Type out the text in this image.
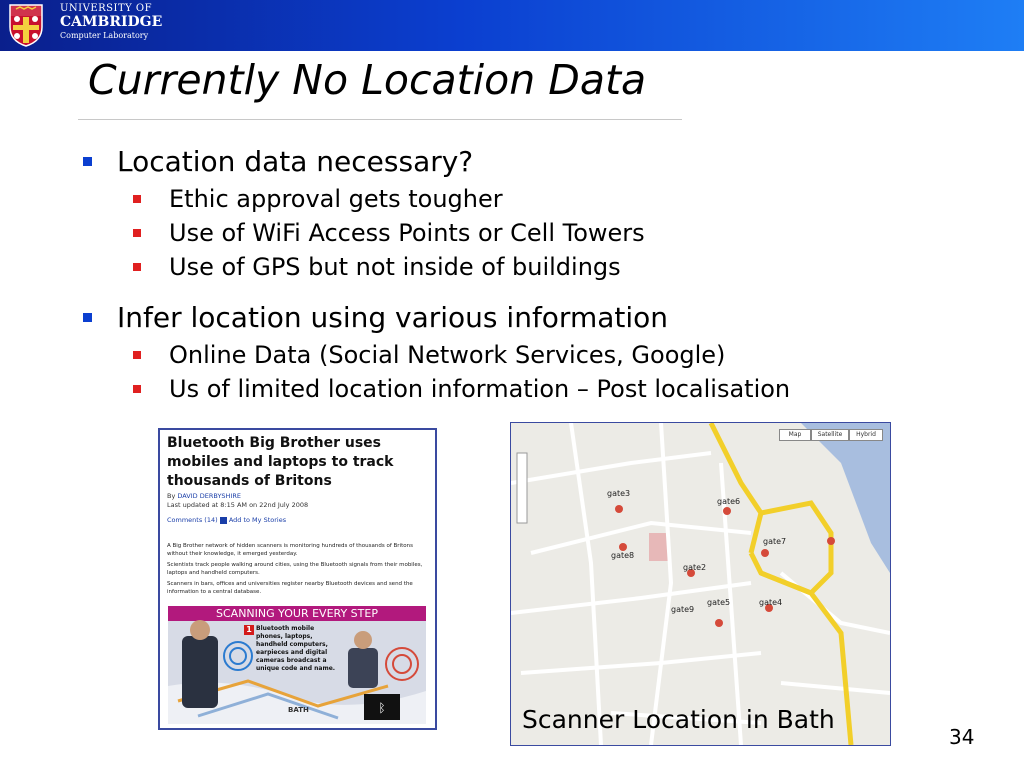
UNIVERSITY OF
CAMBRIDGE
Computer Laboratory
Currently No Location Data
Location data necessary?
Ethic approval gets tougher
Use of WiFi Access Points or Cell Towers
Use of GPS but not inside of buildings
Infer location using various information
Online Data (Social Network Services, Google)
Us of limited location information – Post localisation
Bluetooth Big Brother uses mobiles and laptops to track thousands of Britons
By DAVID DERBYSHIRE
Last updated at 8:15 AM on 22nd July 2008
Comments (14) Add to My Stories

A Big Brother network of hidden scanners is monitoring hundreds of thousands of Britons without their knowledge, it emerged yesterday.

Scientists track people walking around cities, using the Bluetooth signals from their mobiles, laptops and handheld computers.

Scanners in bars, offices and universities register nearby Bluetooth devices and send the information to a central database.

SCANNING YOUR EVERY STEP
ᛒ
1 Bluetooth mobile phones, laptops, handheld computers, earpieces and digital cameras broadcast a unique code and name.
BATH
Map	Satellite	Hybrid
gate3
gate6
gate7
gate8
gate2
gate5	gate4
gate9
Scanner Location in Bath
34
